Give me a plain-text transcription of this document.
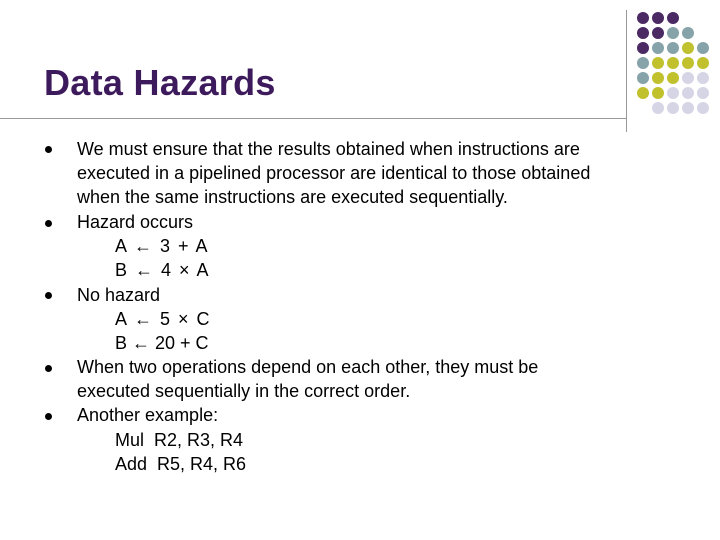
Data Hazards
We must ensure that the results obtained when instructions are
executed in a pipelined processor are identical to those obtained
when the same instructions are executed sequentially.
Hazard occurs
A ← 3 + A
B ← 4 × A
No hazard
A ← 5 × C
B ← 20 + C
When two operations depend on each other, they must be
executed sequentially in the correct order.
Another example:
Mul  R2, R3, R4
Add  R5, R4, R6
